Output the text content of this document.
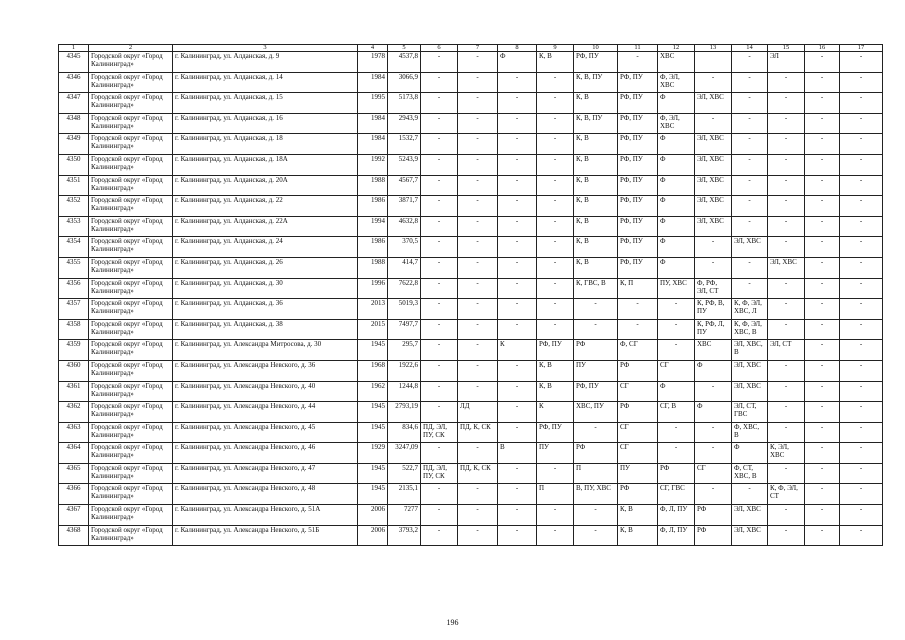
1	2	3	4	5	6	7	8	9	10	11	12	13	14	15	16	17
4345	Городской округ «Город Калининград»	г. Калининград, ул. Алданская, д. 9	1978	4537,8	-	-	Ф	К, В	РФ, ПУ	-	ХВС		-	ЭЛ	-	-
4346	Городской округ «Город Калининград»	г. Калининград, ул. Алданская, д. 14	1984	3066,9	-	-	-	-	К, В, ПУ	РФ, ПУ	Ф, ЭЛ, ХВС	-	-	-	-	-
4347	Городской округ «Город Калининград»	г. Калининград, ул. Алданская, д. 15	1995	5173,8	-	-	-	-	К, В	РФ, ПУ	Ф	ЭЛ, ХВС	-	-	-	-
4348	Городской округ «Город Калининград»	г. Калининград, ул. Алданская, д. 16	1984	2943,9	-	-	-	-	К, В, ПУ	РФ, ПУ	Ф, ЭЛ, ХВС	-	-	-	-	-
4349	Городской округ «Город Калининград»	г. Калининград, ул. Алданская, д. 18	1984	1532,7	-	-	-	-	К, В	РФ, ПУ	Ф	ЭЛ, ХВС	-	-	-	-
4350	Городской округ «Город Калининград»	г. Калининград, ул. Алданская, д. 18А	1992	5243,9	-	-	-	-	К, В	РФ, ПУ	Ф	ЭЛ, ХВС	-	-	-	-
4351	Городской округ «Город Калининград»	г. Калининград, ул. Алданская, д. 20А	1988	4567,7	-	-	-	-	К, В	РФ, ПУ	Ф	ЭЛ, ХВС	-	-	-	-
4352	Городской округ «Город Калининград»	г. Калининград, ул. Алданская, д. 22	1986	3871,7	-	-	-	-	К, В	РФ, ПУ	Ф	ЭЛ, ХВС	-	-	-	-
4353	Городской округ «Город Калининград»	г. Калининград, ул. Алданская, д. 22А	1994	4632,8	-	-	-	-	К, В	РФ, ПУ	Ф	ЭЛ, ХВС	-	-	-	-
4354	Городской округ «Город Калининград»	г. Калининград, ул. Алданская, д. 24	1986	370,5	-	-	-	-	К, В	РФ, ПУ	Ф	-	ЭЛ, ХВС	-	-	-
4355	Городской округ «Город Калининград»	г. Калининград, ул. Алданская, д. 26	1988	414,7	-	-	-	-	К, В	РФ, ПУ	Ф	-	-	ЭЛ, ХВС	-	-
4356	Городской округ «Город Калининград»	г. Калининград, ул. Алданская, д. 30	1996	7622,8	-	-	-	-	К, ГВС, В	К, П	ПУ, ХВС	Ф, РФ, ЭЛ, СТ	-	-	-	-
4357	Городской округ «Город Калининград»	г. Калининград, ул. Алданская, д. 36	2013	5019,3	-	-	-	-	-	-	-	К, РФ, В, ПУ	К, Ф, ЭЛ, ХВС, Л	-	-	-
4358	Городской округ «Город Калининград»	г. Калининград, ул. Алданская, д. 38	2015	7497,7	-	-	-	-	-	-	-	К, РФ, Л, ПУ	К, Ф, ЭЛ, ХВС, В	-	-	-
4359	Городской округ «Город Калининград»	г. Калининград, ул. Александра Митросова, д. 30	1945	295,7	-	-	К	РФ, ПУ	РФ	Ф, СГ	-	ХВС	ЭЛ, ХВС, В	ЭЛ, СТ	-	-
4360	Городской округ «Город Калининград»	г. Калининград, ул. Александра Невского, д. 36	1968	1922,6	-	-	-	К, В	ПУ	РФ	СГ	Ф	ЭЛ, ХВС	-	-	-
4361	Городской округ «Город Калининград»	г. Калининград, ул. Александра Невского, д. 40	1962	1244,8	-	-	-	К, В	РФ, ПУ	СГ	Ф	-	ЭЛ, ХВС	-	-	-
4362	Городской округ «Город Калининград»	г. Калининград, ул. Александра Невского, д. 44	1945	2793,19	-	ЛД	-	К	ХВС, ПУ	РФ	СГ, В	Ф	ЭЛ, СТ, ГВС	-	-	-
4363	Городской округ «Город Калининград»	г. Калининград, ул. Александра Невского, д. 45	1945	834,6	ПД, ЭЛ, ПУ, СК	ПД, К, СК	-	РФ, ПУ	-	СГ	-	-	Ф, ХВС, В	-	-	-
4364	Городской округ «Город Калининград»	г. Калининград, ул. Александра Невского, д. 46	1929	3247,09	-	-	В	ПУ	РФ	СГ	-	-	Ф	К, ЭЛ, ХВС	-	-
4365	Городской округ «Город Калининград»	г. Калининград, ул. Александра Невского, д. 47	1945	522,7	ПД, ЭЛ, ПУ, СК	ПД, К, СК	-	-	П	ПУ	РФ	СГ	Ф, СТ, ХВС, В	-	-	-
4366	Городской округ «Город Калининград»	г. Калининград, ул. Александра Невского, д. 48	1945	2135,1	-	-	-	П	В, ПУ, ХВС	РФ	СГ, ГВС	-	-	К, Ф, ЭЛ, СТ	-	-
4367	Городской округ «Город Калининград»	г. Калининград, ул. Александра Невского, д. 51А	2006	7277	-	-	-	-	-	К, В	Ф, Л, ПУ	РФ	ЭЛ, ХВС	-	-	-
4368	Городской округ «Город Калининград»	г. Калининград, ул. Александра Невского, д. 51Б	2006	3793,2	-	-	-	-	-	К, В	Ф, Л, ПУ	РФ	ЭЛ, ХВС	-	-	-
196
